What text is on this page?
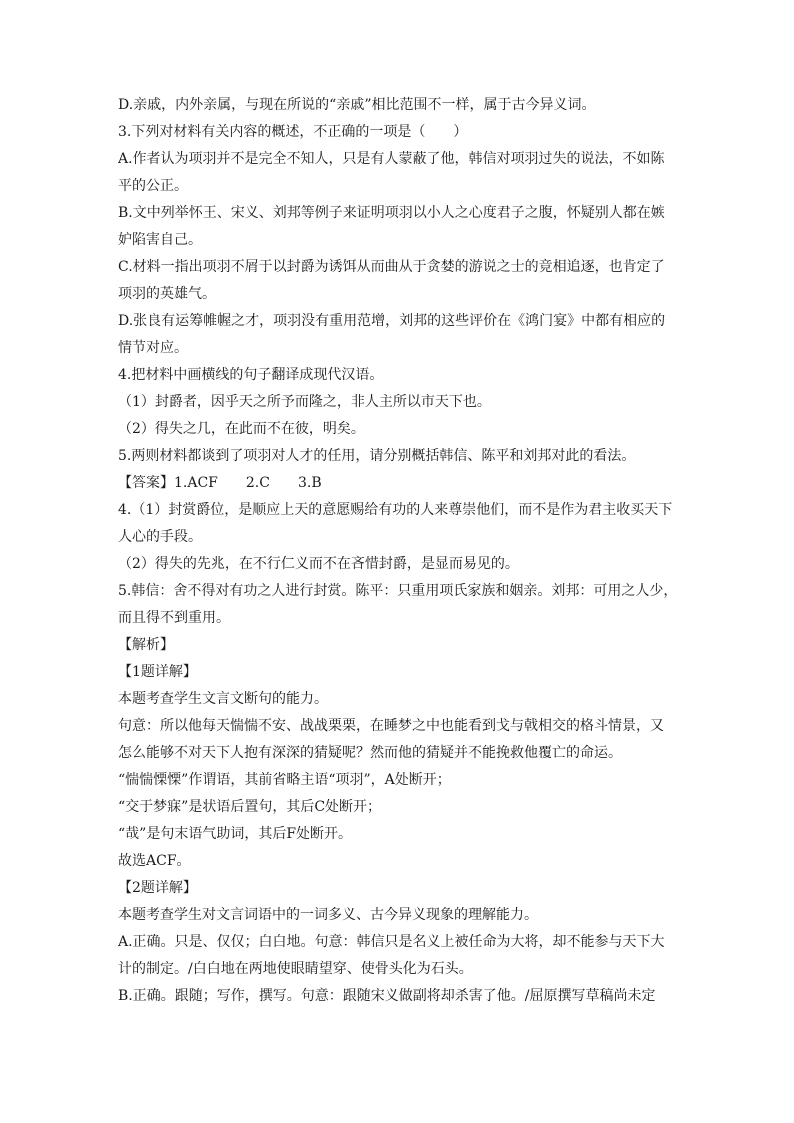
D.亲戚，内外亲属，与现在所说的“亲戚”相比范围不一样，属于古今异义词。
3.下列对材料有关内容的概述，不正确的一项是（　　）
A.作者认为项羽并不是完全不知人，只是有人蒙蔽了他，韩信对项羽过失的说法，不如陈
平的公正。
B.文中列举怀王、宋义、刘邦等例子来证明项羽以小人之心度君子之腹，怀疑别人都在嫉
妒陷害自己。
C.材料一指出项羽不屑于以封爵为诱饵从而曲从于贪婪的游说之士的竞相追逐，也肯定了
项羽的英雄气。
D.张良有运筹帷幄之才，项羽没有重用范增，刘邦的这些评价在《鸿门宴》中都有相应的
情节对应。
4.把材料中画横线的句子翻译成现代汉语。
（1）封爵者，因乎天之所予而隆之，非人主所以市天下也。
（2）得失之几，在此而不在彼，明矣。
5.两则材料都谈到了项羽对人才的任用，请分别概括韩信、陈平和刘邦对此的看法。
【答案】1.ACF　　2.C　　3.B
4.（1）封赏爵位，是顺应上天的意愿赐给有功的人来尊崇他们，而不是作为君主收买天下
人心的手段。
（2）得失的先兆，在不行仁义而不在吝惜封爵，是显而易见的。
5.韩信：舍不得对有功之人进行封赏。陈平：只重用项氏家族和姻亲。刘邦：可用之人少，
而且得不到重用。
【解析】
【1题详解】
本题考查学生文言文断句的能力。
句意：所以他每天惴惴不安、战战栗栗，在睡梦之中也能看到戈与戟相交的格斗情景，又
怎么能够不对天下人抱有深深的猜疑呢？然而他的猜疑并不能挽救他覆亡的命运。
“惴惴慄慄”作谓语，其前省略主语“项羽”，A处断开；
“交于梦寐”是状语后置句，其后C处断开；
“哉”是句末语气助词，其后F处断开。
故选ACF。
【2题详解】
本题考查学生对文言词语中的一词多义、古今异义现象的理解能力。
A.正确。只是、仅仅；白白地。句意：韩信只是名义上被任命为大将，却不能参与天下大
计的制定。/白白地在两地使眼睛望穿、使骨头化为石头。
B.正确。跟随；写作，撰写。句意：跟随宋义做副将却杀害了他。/屈原撰写草稿尚未定
